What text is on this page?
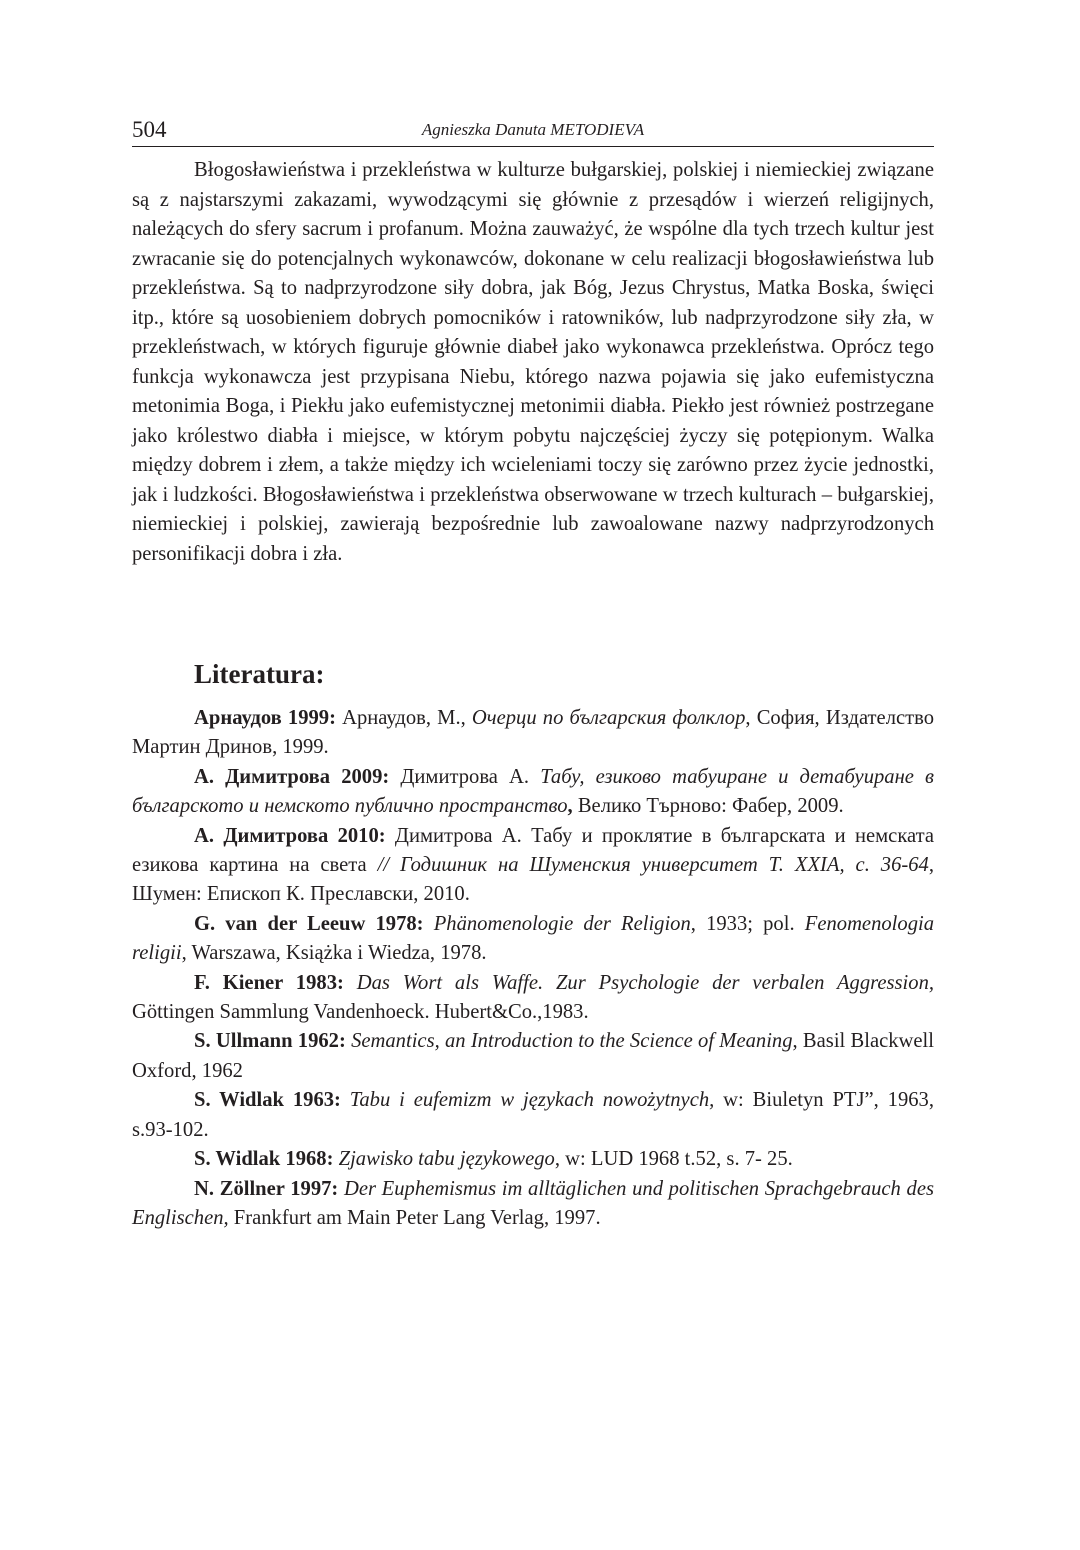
504	Agnieszka Danuta METODIEVA

Błogosławieństwa i przekleństwa w kulturze bułgarskiej, polskiej i niemieckiej związane są z najstarszymi zakazami, wywodzącymi się głównie z przesądów i wierzeń religijnych, należących do sfery sacrum i profanum. Można zauważyć, że wspólne dla tych trzech kultur jest zwracanie się do potencjalnych wykonawców, dokonane w celu realizacji błogosławieństwa lub przekleństwa. Są to nadprzyrodzone siły dobra, jak Bóg, Jezus Chrystus, Matka Boska, święci itp., które są uosobieniem dobrych pomocników i ratowników, lub nadprzyrodzone siły zła, w przekleństwach, w których figuruje głównie diabeł jako wykonawca przekleństwa. Oprócz tego funkcja wykonawcza jest przypisana Niebu, którego nazwa pojawia się jako eufemistyczna metonimia Boga, i Piekłu jako eufemistycznej metonimii diabła. Piekło jest również postrzegane jako królestwo diabła i miejsce, w którym pobytu najczęściej życzy się potępionym. Walka między dobrem i złem, a także między ich wcieleniami toczy się zarówno przez życie jednostki, jak i ludzkości. Błogosławieństwa i przekleństwa obserwowane w trzech kulturach – bułgarskiej, niemieckiej i polskiej, zawierają bezpośrednie lub zawoalowane nazwy nadprzyrodzonych personifikacji dobra i zła.

Literatura:
Арнаудов 1999: Арнаудов, М., Очерци по българския фолклор, София, Издателство Мартин Дринов, 1999.
А. Димитрова 2009: Димитрова А. Табу, езиково табуиране и детабуиране в българското и немското публично пространство, Велико Търново: Фабер, 2009.
А. Димитрова 2010: Димитрова А. Табу и проклятие в българската и немската езикова картина на света // Годишник на Шуменския университет Т. XXIA, с. 36-64, Шумен: Епископ К. Преславски, 2010.
G. van der Leeuw 1978: Phänomenologie der Religion, 1933; pol. Fenomenologia religii, Warszawa, Książka i Wiedza, 1978.
F. Kiener 1983: Das Wort als Waffe. Zur Psychologie der verbalen Aggression, Göttingen Sammlung Vandenhoeck. Hubert&Co.,1983.
S. Ullmann 1962: Semantics, an Introduction to the Science of Meaning, Basil Blackwell Oxford, 1962
S. Widlak 1963: Tabu i eufemizm w językach nowożytnych, w: Biuletyn PTJ”, 1963, s.93-102.
S. Widlak 1968: Zjawisko tabu językowego, w: LUD 1968 t.52, s. 7- 25.
N. Zöllner 1997: Der Euphemismus im alltäglichen und politischen Sprachgebrauch des Englischen, Frankfurt am Main Peter Lang Verlag, 1997.
